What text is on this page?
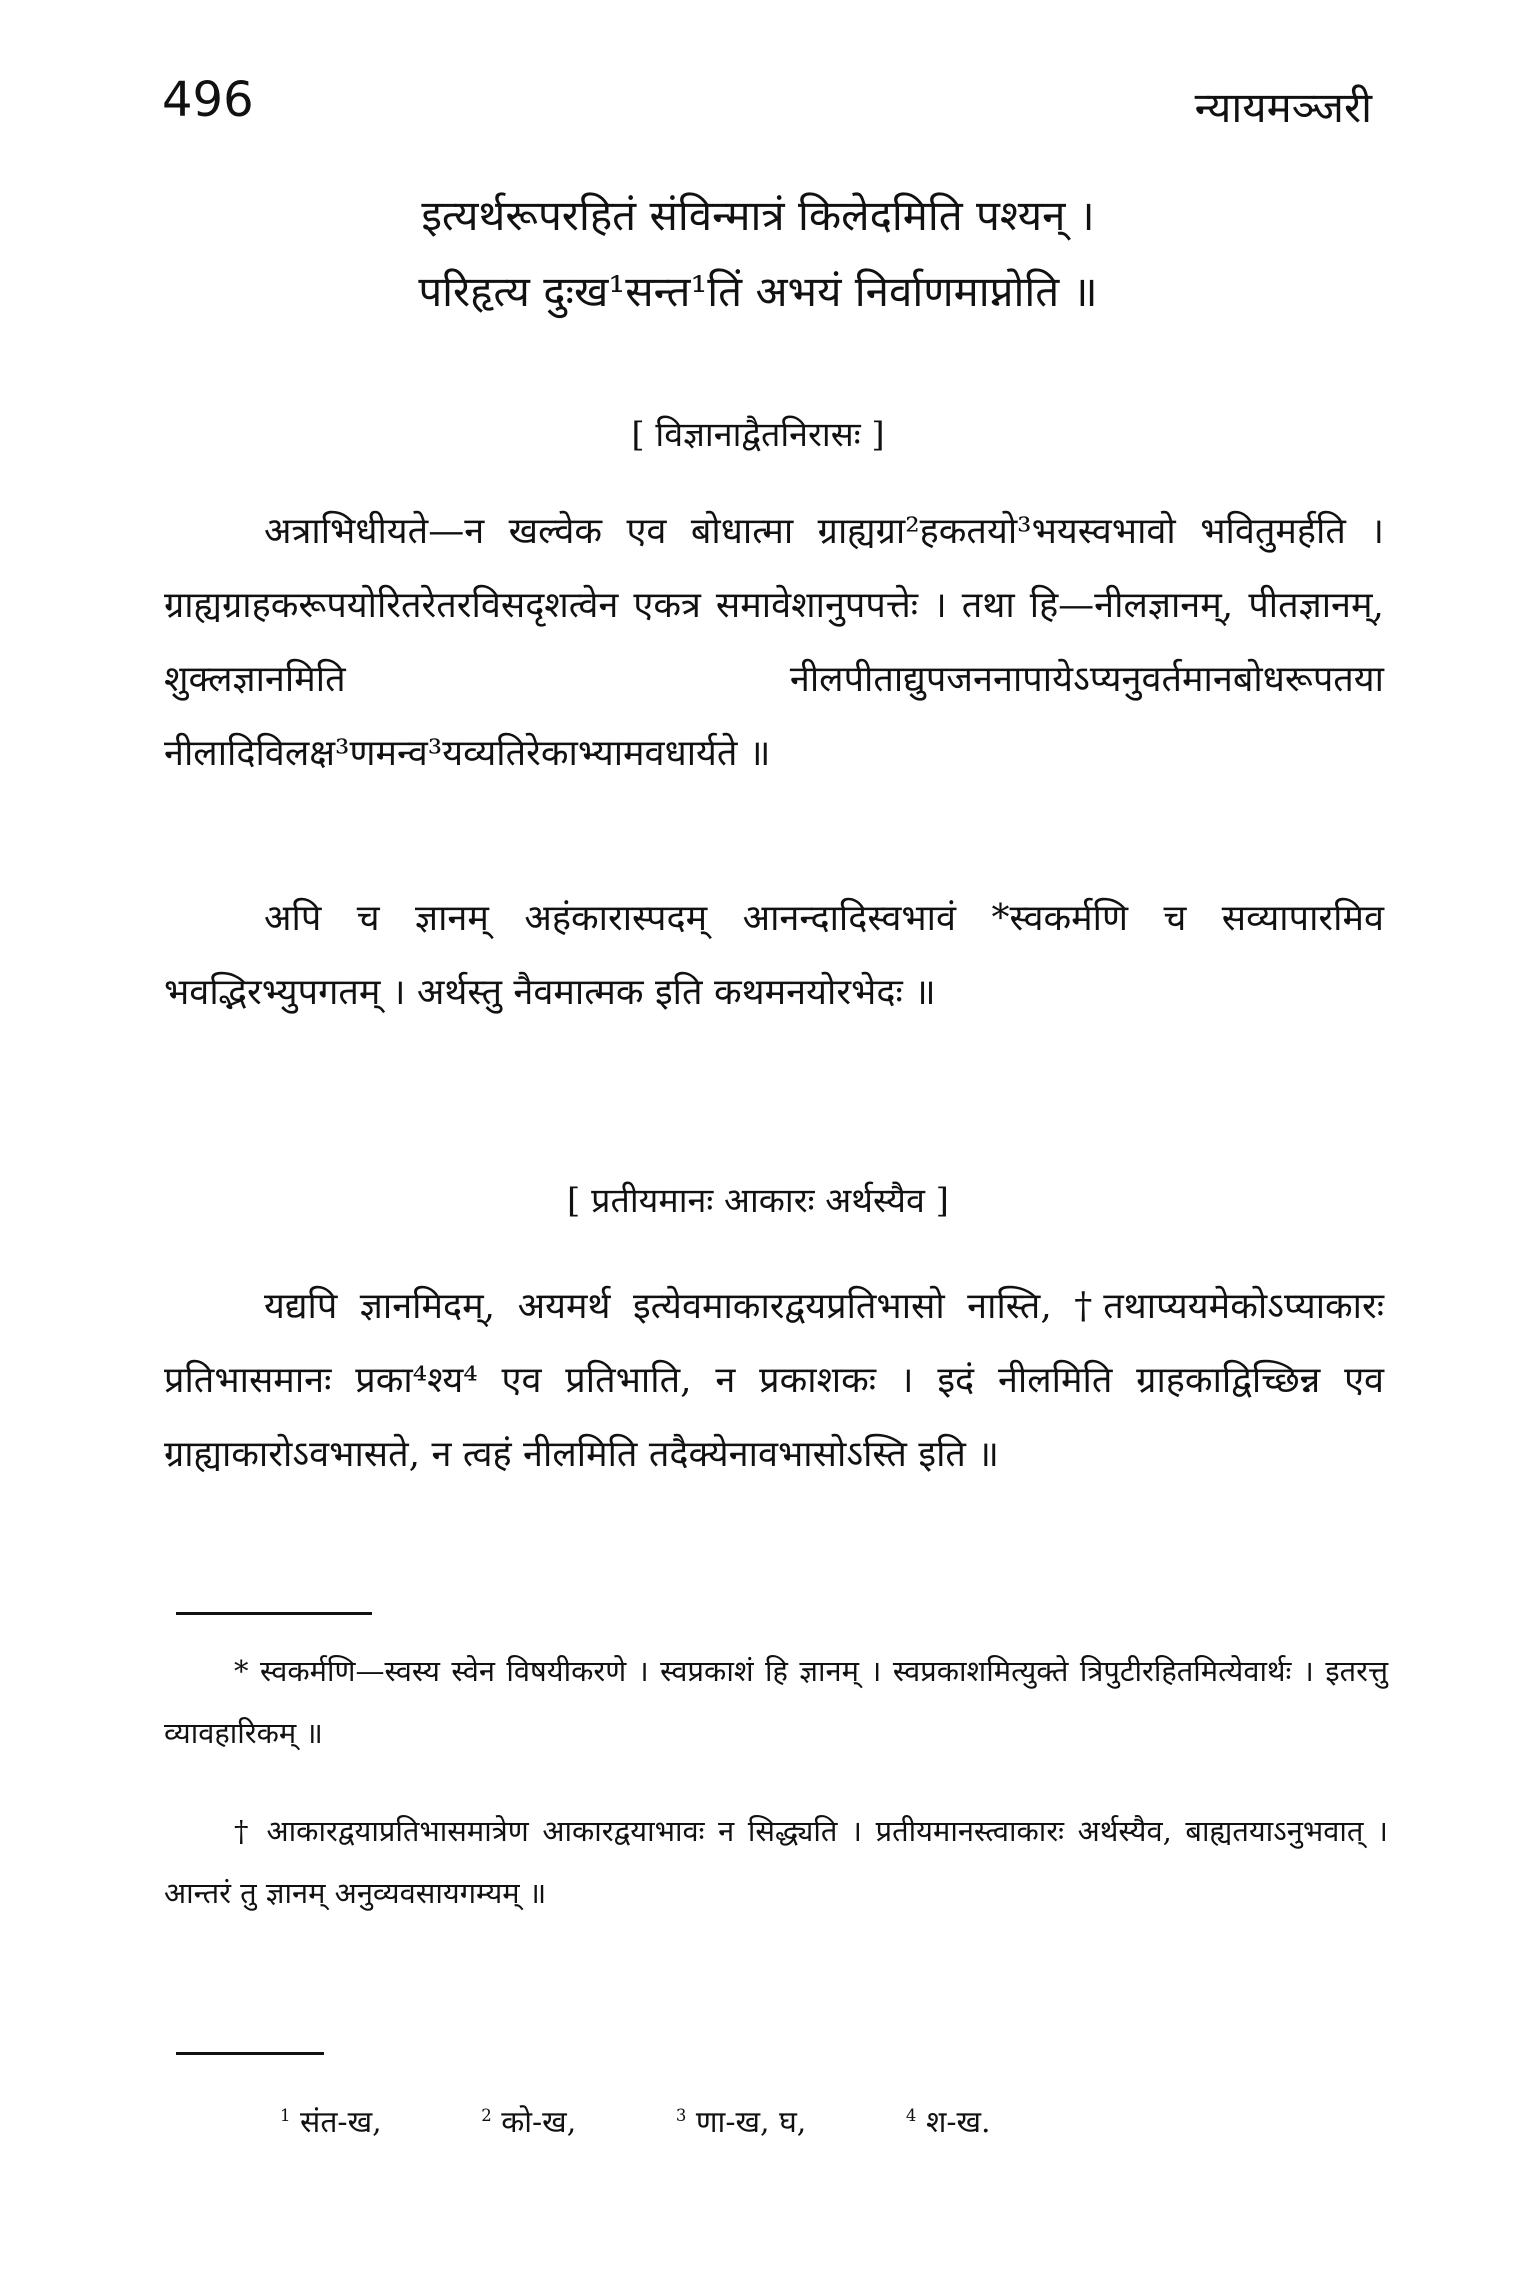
496	न्यायमञ्जरी
इत्यर्थरूपरहितं संविन्मात्रं किलेदमिति पश्यन् ।
परिहृत्य दुःख¹सन्त¹तिं अभयं निर्वाणमाप्नोति ॥
[ विज्ञानाद्वैतनिरासः ]

अत्राभिधीयते—न खल्वेक एव बोधात्मा ग्राह्यग्रा²हकतयो³भयस्वभावो भवितुमर्हति । ग्राह्यग्राहकरूपयोरितरेतरविसदृशत्वेन एकत्र समावेशानुपपत्तेः । तथा हि—नीलज्ञानम्, पीतज्ञानम्, शुक्लज्ञानमिति नीलपीताद्युपजननापायेऽप्यनुवर्तमानबोधरूपतया नीलादिविलक्ष³णमन्व³यव्यतिरेकाभ्यामवधार्यते ॥

अपि च ज्ञानम् अहंकारास्पदम् आनन्दादिस्वभावं *स्वकर्मणि च सव्यापारमिव भवद्भिरभ्युपगतम् । अर्थस्तु नैवमात्मक इति कथमनयोरभेदः ॥

[ प्रतीयमानः आकारः अर्थस्यैव ]

यद्यपि ज्ञानमिदम्, अयमर्थ इत्येवमाकारद्वयप्रतिभासो नास्ति, †तथाप्ययमेकोऽप्याकारः प्रतिभासमानः प्रका⁴श्य⁴ एव प्रतिभाति, न प्रकाशकः । इदं नीलमिति ग्राहकाद्विच्छिन्न एव ग्राह्याकारोऽवभासते, न त्वहं नीलमिति तदैक्येनावभासोऽस्ति इति ॥

* स्वकर्मणि—स्वस्य स्वेन विषयीकरणे । स्वप्रकाशं हि ज्ञानम् । स्वप्रकाशमित्युक्ते त्रिपुटीरहितमित्येवार्थः । इतरत्तु व्यावहारिकम् ॥

† आकारद्वयाप्रतिभासमात्रेण आकारद्वयाभावः न सिद्ध्यति । प्रतीयमानस्त्वाकारः अर्थस्यैव, बाह्यतयाऽनुभवात् । आन्तरं तु ज्ञानम् अनुव्यवसायगम्यम् ॥

$^1$ संत-ख,	$^2$ को-ख,	$^3$ णा-ख, घ,	$^4$ श-ख.
